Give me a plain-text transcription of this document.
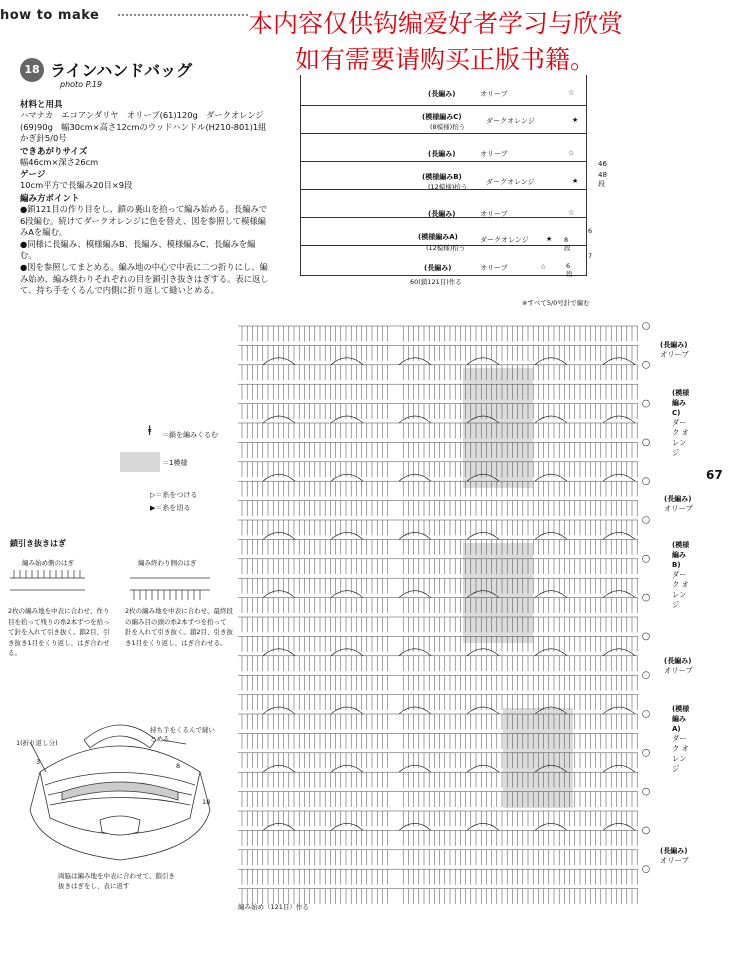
how to make
67
本内容仅供钩编爱好者学习与欣赏
如有需要请购买正版书籍。
18 ラインハンドバッグ
photo P.19
材料と用具
ハマナカ　エコアンダリヤ　オリーブ(61)120g　ダークオレンジ(69)90g　幅30cm×高さ12cmのウッドハンドル(H210-801)1組　かぎ針5/0号
できあがりサイズ
幅46cm×深さ26cm
ゲージ
10cm平方で長編み20目×9段
編み方ポイント
●鎖121目の作り目をし、鎖の裏山を拾って編み始める。長編みで6段編む。続けてダークオレンジに色を替え、図を参照して模様編みAを編む。
●同様に長編み、模様編みB、長編み、模様編みC、長編みを編む。
●図を参照してまとめる。編み地の中心で中表に二つ折りにし、編み始め、編み終わりそれぞれの目を鎖引き抜きはぎする。表に返して、持ち手をくるんで内側に折り返して縫いとめる。
ⱡ ＝鎖を編みくるむ
＝1模様
▷＝糸をつける
▶＝糸を切る
鎖引き抜きはぎ
編み始め側のはぎ	編み終わり側のはぎ
2枚の編み地を中表に合わせ、作り目を拾って残りの糸2本ずつを拾って針を入れて引き抜く。鎖2目、引き抜き1目をくり返し、はぎ合わせる。
2枚の編み地を中表に合わせ、最終段の編み目の頭の糸2本ずつを拾って針を入れて引き抜く。鎖2目、引き抜き1目をくり返し、はぎ合わせる。
1(折り返し分)
持ち手をくるんで縫いとめる
3	8
18
両脇は編み地を中表に合わせて、鎖引き抜きはぎをし、表に返す
(長編み)	オリーブ	☆
(模様編みC)
(8模様)拾う
ダークオレンジ	★
(長編み)	オリーブ	☆
(模様編みB)
(12模様)拾う
ダークオレンジ	★
(長編み)	オリーブ	☆
(模様編みA)
(12模様)拾う
ダークオレンジ ★
(長編み)	オリーブ	☆
46
48段
6
8段
7
6段
60(鎖121目)作る
※すべて5/0号針で編む
(長編み)
オリーブ
(模様編みC)
ダーク オレンジ
(長編み)
オリーブ
(模様編みB)
ダーク オレンジ
(長編み)
オリーブ
(模様編みA)
ダーク オレンジ
(長編み)
オリーブ
編み始め（121目）作る
